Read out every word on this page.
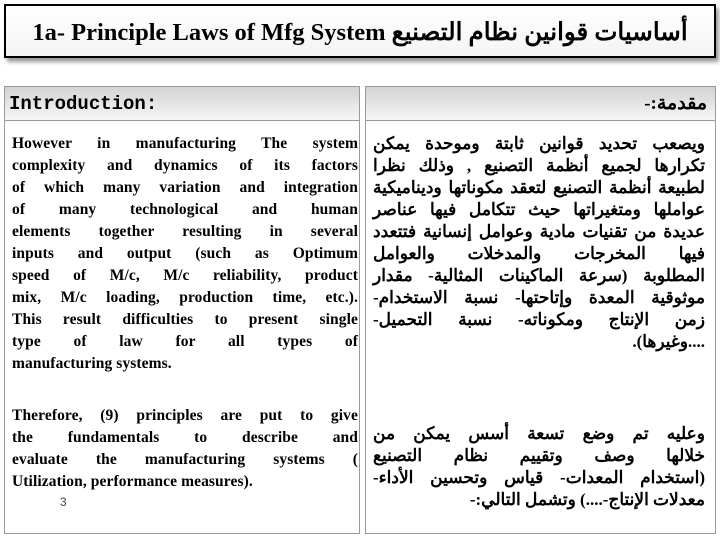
1a- Principle Laws of Mfg System أساسيات قوانين نظام التصنيع
Introduction:
However in manufacturing The system
complexity and dynamics of its factors
of which many variation and integration
of many technological and human
elements together resulting in several
inputs and output (such as Optimum
speed of M/c, M/c reliability, product
mix, M/c loading, production time, etc.).
This result difficulties to present single
type of law for all types of
manufacturing systems.
Therefore, (9) principles are put to give
the fundamentals to describe and
evaluate the manufacturing systems (
Utilization, performance measures).
3
مقدمة:-
ويصعب تحديد قوانين ثابتة وموحدة يمكن
تكرارها لجميع أنظمة التصنيع , وذلك نظرا
لطبيعة أنظمة التصنيع لتعقد مكوناتها وديناميكية
عواملها ومتغيراتها حيث تتكامل فيها عناصر
عديدة من تقنيات مادية وعوامل إنسانية فتتعدد
فيها المخرجات والمدخلات والعوامل
المطلوبة (سرعة الماكينات المثالية- مقدار
موثوقية المعدة وإتاحتها- نسبة الاستخدام-
زمن الإنتاج ومكوناته- نسبة التحميل-
....وغيرها).
وعليه تم وضع تسعة أسس يمكن من
خلالها وصف وتقييم نظام التصنيع
(استخدام المعدات- قياس وتحسين الأداء-
معدلات الإنتاج-....) وتشمل التالي:-
